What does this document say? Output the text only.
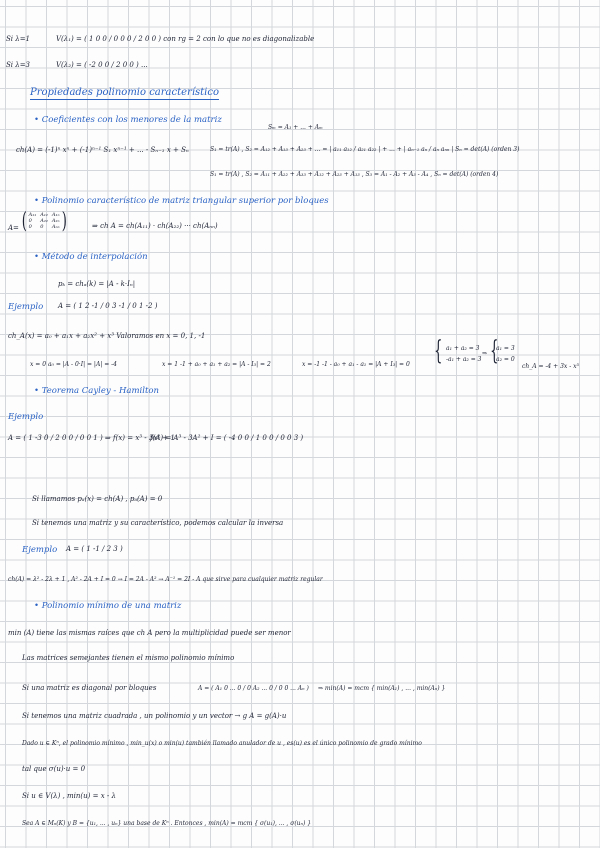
Si λ=1	V(λ₁) = ( 1 0 0 / 0 0 0 / 2 0 0 ) con rg = 2 con lo que no es diagonalizable
Si λ=3	V(λ₂) = ( -2 0 0 / 2 0 0 ) ...
Propiedades polinomio característico
• Coeficientes con los menores de la matriz
Sₘ = A₁ + ... + Aₘ
ch(A) = (-1)ⁿ xⁿ + (-1)ⁿ⁻¹ S₁ xⁿ⁻¹ + ... - Sₙ₋₁ x + Sₙ	S₁ = tr(A) , S₂ = A₁₂ + A₁₃ + A₂₃ + ... = | a₁₁ a₁₂ / a₂₁ a₂₂ | + ... + | aₙ₋₁ aₙ / aₙ aₙₙ | Sₙ = det(A) (orden 3)
S₁ = tr(A) , S₂ = A₁₁ + A₂₂ + A₃₃ + A₁₂ + A₂₃ + A₁₃ , S₃ = A₁ - A₂ + A₃ - A₄ , Sₙ = det(A) (orden 4)
• Polinomio característico de matriz triangular superior por bloques
A= ( A₁₁ A₁₂ A₁ₙ
0	A₂₂ A₂ₙ
0	0	Aₙₙ )	⇒ ch A = ch(A₁₁) · ch(A₂₂) ··· ch(Aₙₙ)
• Método de interpolación
pₖ = chₐ(k) = |A - k·Iₙ|
Ejemplo A = ( 1 2 -1 / 0 3 -1 / 0 1 -2 )
ch_A(x) = a₀ + a₁x + a₂x² + x³ Valoramos en x = 0, 1, -1
x = 0 a₀ = |A - 0·I| = |A| = -4	x = 1 -1 + a₀ + a₁ + a₂ = |A - I₃| = 2	x = -1 -1 - a₀ + a₁ - a₁ = |A + I₃| = 0 { a₁ + a₂ = 3
-a₁ + a₂ = 3
⇒ {
a₁ = 3
a₂ = 0
ch_A = -4 + 3x - x³
• Teorema Cayley - Hamilton
Ejemplo
A = ( 1 -3 0 / 2 0 0 / 0 0 1 ) ⇒ f(x) = x³ - 3x² + 1
f(A) = A³ - 3A² + I = ( -4 0 0 / 1 0 0 / 0 0 3 )
Si llamamos pₐ(x) = ch(A) , pₐ(A) = 0
Si tenemos una matriz y su característico, podemos calcular la inversa
Ejemplo A = ( 1 -1 / 2 3 )
ch(A) = λ² - 2λ + 1 , A² - 2A + I = 0 → I = 2A - A² → A⁻¹ = 2I - A que sirve para cualquier matriz regular
• Polinomio mínimo de una matriz
min (A) tiene las mismas raíces que ch A pero la multiplicidad puede ser menor
Las matrices semejantes tienen el mismo polinomio mínimo
Si una matriz es diagonal por bloques	A = ( A₁ 0 ... 0 / 0 A₂ ... 0 / 0 0 ... Aₙ ) ⇒ min(A) = mcm { min(A₁) , ... , min(Aₙ) }
Si tenemos una matriz cuadrada , un polinomio y un vector → g A = g(A)·u
Dado u ∈ Kⁿ, el polinomio mínimo , min_u(x) o min(u) también llamado anulador de u , es(u) es el único polinomio de grado mínimo
tal que σ(u)·u = 0
Si u ∈ V(λ) , min(u) = x - λ
Sea A ∈ Mₙ(K) y B = {u₁, ... , uₙ} una base de Kⁿ . Entonces , min(A) = mcm { σ(u₁), ... , σ(uₙ) }
